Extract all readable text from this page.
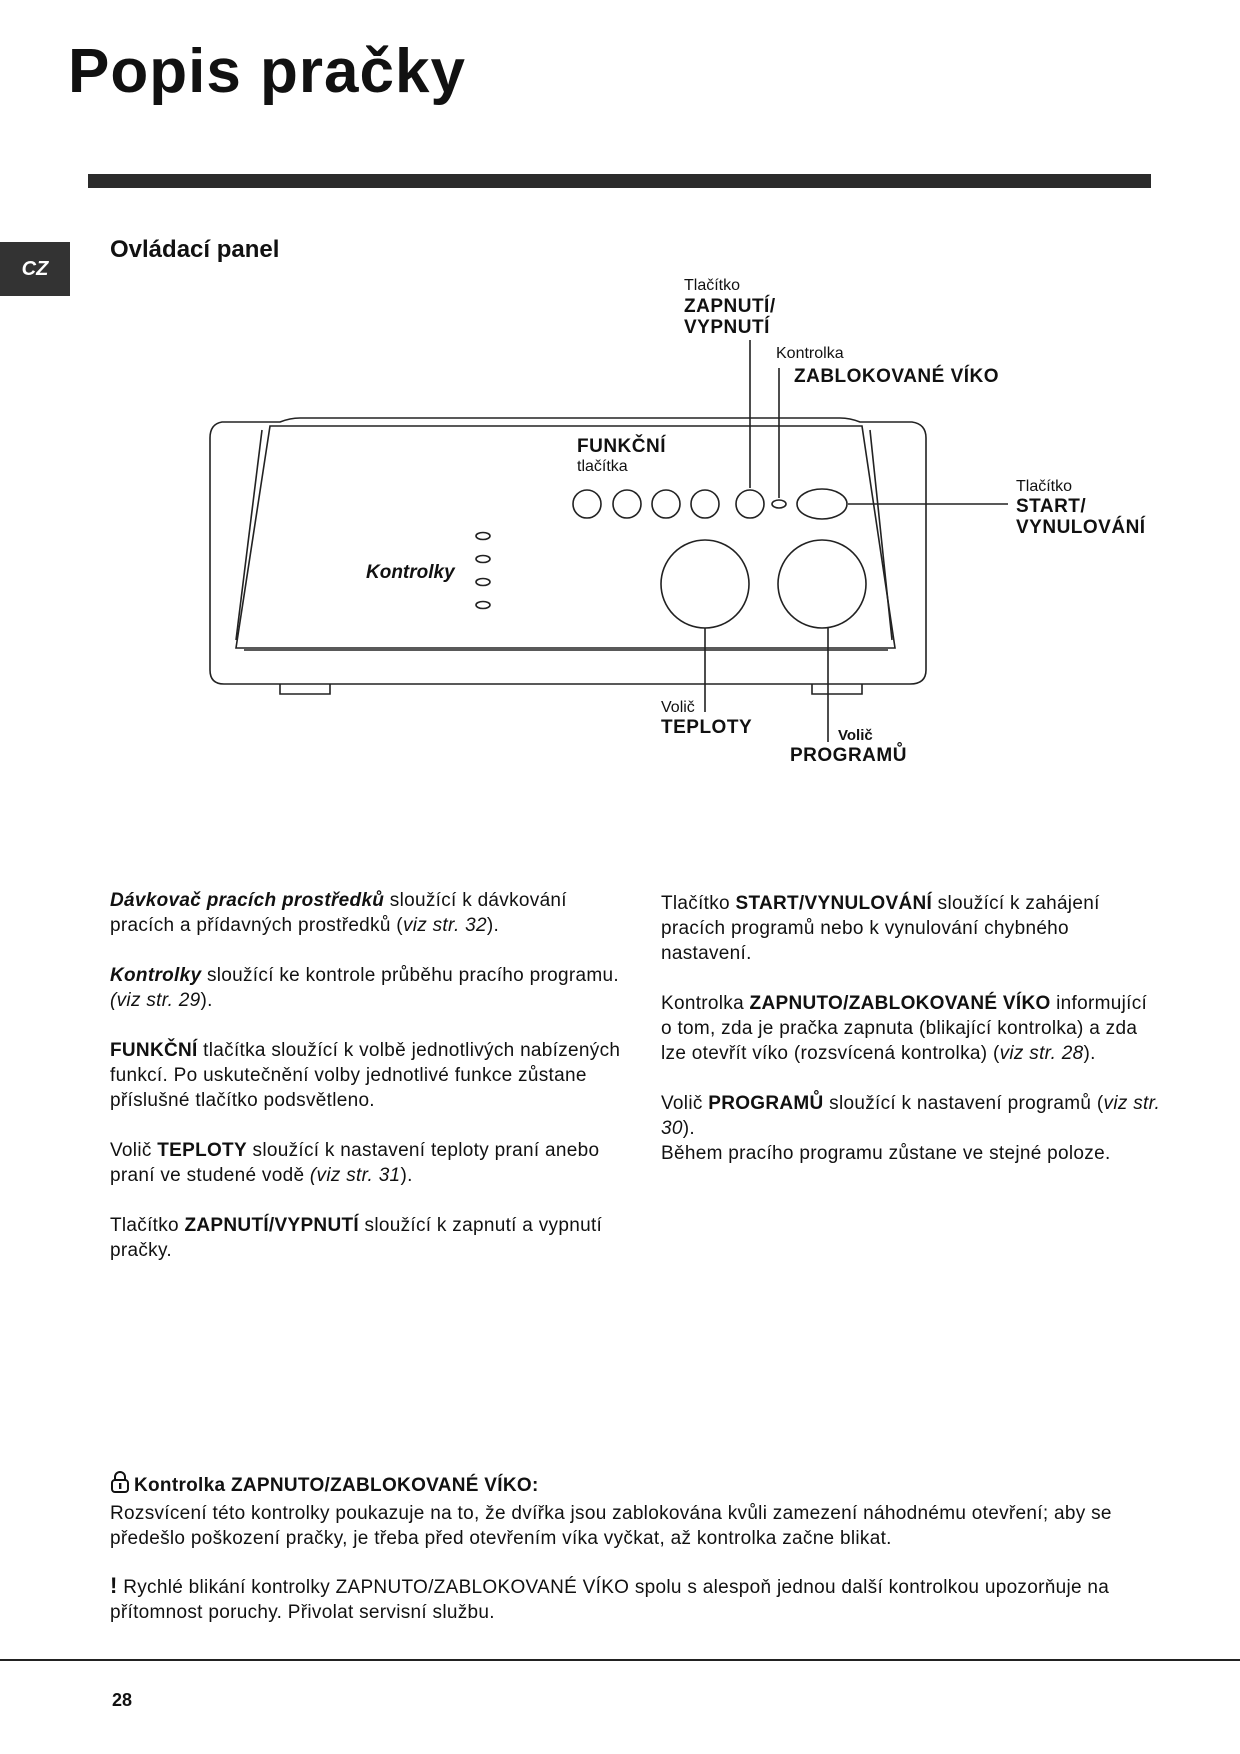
Popis pračky
CZ
Ovládací panel
Tlačítko
ZAPNUTÍ/
VYPNUTÍ
Kontrolka
ZABLOKOVANÉ VÍKO
FUNKČNÍ
tlačítka
Tlačítko
START/
VYNULOVÁNÍ
Kontrolky
Volič
TEPLOTY	Volič
PROGRAMŮ

Dávkovač pracích prostředků sloužící k dávkování pracích a přídavných prostředků (viz str. 32).

Kontrolky sloužící ke kontrole průběhu pracího programu. (viz str. 29).

FUNKČNÍ tlačítka sloužící k volbě jednotlivých nabízených funkcí. Po uskutečnění volby jednotlivé funkce zůstane příslušné tlačítko podsvětleno.

Volič TEPLOTY sloužící k nastavení teploty praní anebo praní ve studené vodě (viz str. 31).

Tlačítko ZAPNUTÍ/VYPNUTÍ sloužící k zapnutí a vypnutí pračky.

Tlačítko START/VYNULOVÁNÍ sloužící k zahájení pracích programů nebo k vynulování chybného nastavení.

Kontrolka ZAPNUTO/ZABLOKOVANÉ VÍKO informující o tom, zda je pračka zapnuta (blikající kontrolka) a zda lze otevřít víko (rozsvícená kontrolka) (viz str. 28).

Volič PROGRAMŮ sloužící k nastavení programů (viz str. 30).
Během pracího programu zůstane ve stejné poloze.

Kontrolka ZAPNUTO/ZABLOKOVANÉ VÍKO:
Rozsvícení této kontrolky poukazuje na to, že dvířka jsou zablokována kvůli zamezení náhodnému otevření; aby se předešlo poškození pračky, je třeba před otevřením víka vyčkat, až kontrolka začne blikat.

! Rychlé blikání kontrolky ZAPNUTO/ZABLOKOVANÉ VÍKO spolu s alespoň jednou další kontrolkou upozorňuje na přítomnost poruchy. Přivolat servisní službu.

28
